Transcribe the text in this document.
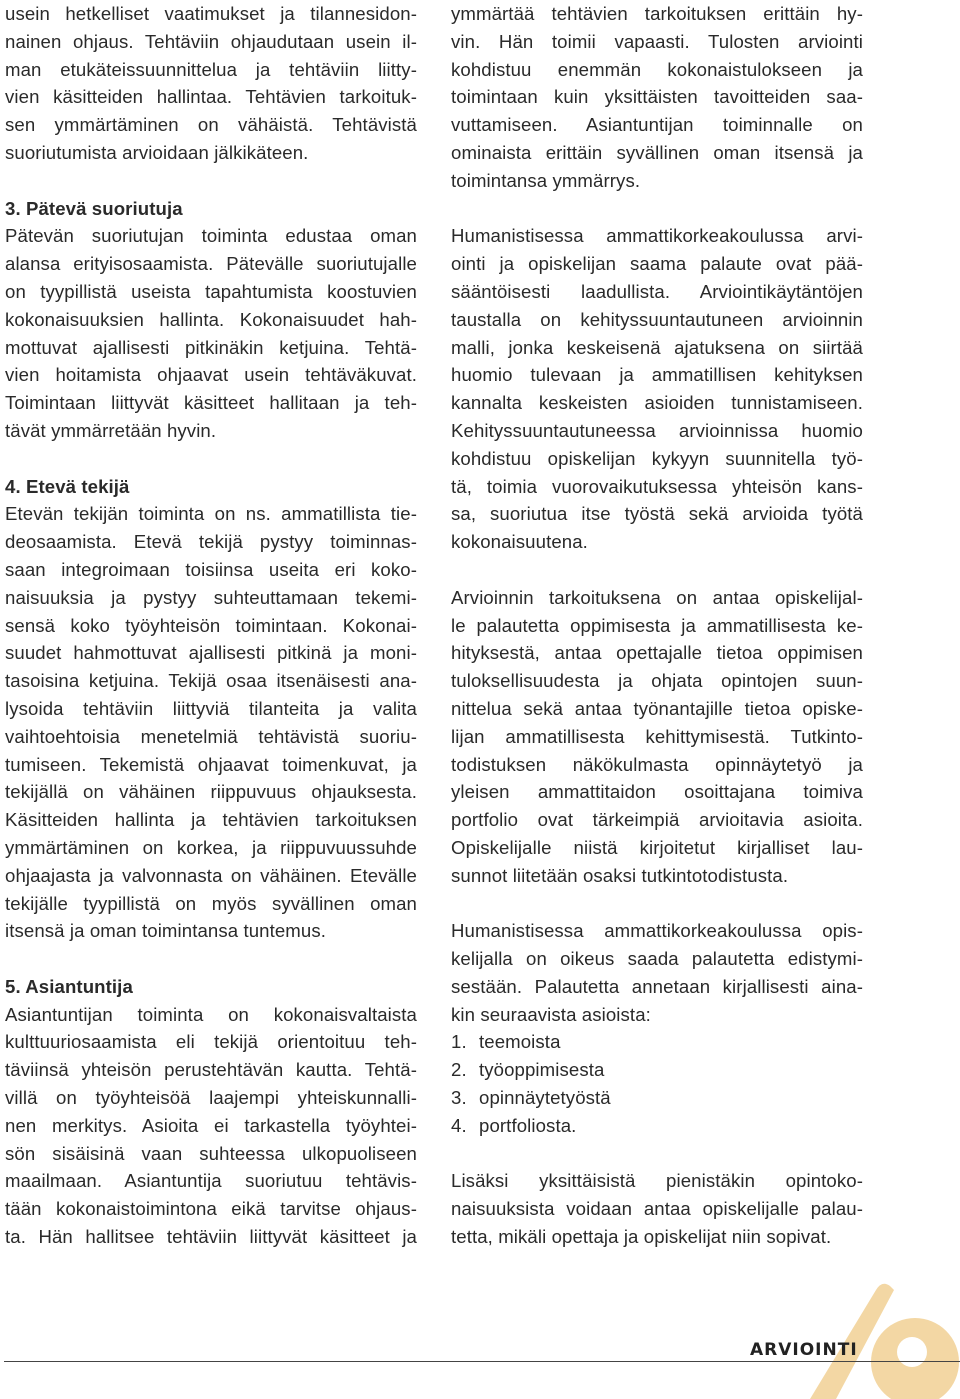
usein hetkelliset vaatimukset ja tilannesidon-
nainen ohjaus. Tehtäviin ohjaudutaan usein il-
man etukäteissuunnittelua ja tehtäviin liitty-
vien käsitteiden hallintaa. Tehtävien tarkoituk-
sen ymmärtäminen on vähäistä. Tehtävistä
suoriutumista arvioidaan jälkikäteen.
3. Pätevä suoriutuja
Pätevän suoriutujan toiminta edustaa oman
alansa erityisosaamista. Pätevälle suoriutujalle
on tyypillistä useista tapahtumista koostuvien
kokonaisuuksien hallinta. Kokonaisuudet hah-
mottuvat ajallisesti pitkinäkin ketjuina. Tehtä-
vien hoitamista ohjaavat usein tehtäväkuvat.
Toimintaan liittyvät käsitteet hallitaan ja teh-
tävät ymmärretään hyvin.
4. Etevä tekijä
Etevän tekijän toiminta on ns. ammatillista tie-
deosaamista. Etevä tekijä pystyy toiminnas-
saan integroimaan toisiinsa useita eri koko-
naisuuksia ja pystyy suhteuttamaan tekemi-
sensä koko työyhteisön toimintaan. Kokonai-
suudet hahmottuvat ajallisesti pitkinä ja moni-
tasoisina ketjuina. Tekijä osaa itsenäisesti ana-
lysoida tehtäviin liittyviä tilanteita ja valita
vaihtoehtoisia menetelmiä tehtävistä suoriu-
tumiseen. Tekemistä ohjaavat toimenkuvat, ja
tekijällä on vähäinen riippuvuus ohjauksesta.
Käsitteiden hallinta ja tehtävien tarkoituksen
ymmärtäminen on korkea, ja riippuvuussuhde
ohjaajasta ja valvonnasta on vähäinen. Etevälle
tekijälle tyypillistä on myös syvällinen oman
itsensä ja oman toimintansa tuntemus.
5. Asiantuntija
Asiantuntijan toiminta on kokonaisvaltaista
kulttuuriosaamista eli tekijä orientoituu teh-
täviinsä yhteisön perustehtävän kautta. Tehtä-
villä on työyhteisöä laajempi yhteiskunnalli-
nen merkitys. Asioita ei tarkastella työyhtei-
sön sisäisinä vaan suhteessa ulkopuoliseen
maailmaan. Asiantuntija suoriutuu tehtävis-
tään kokonaistoimintona eikä tarvitse ohjaus-
ta. Hän hallitsee tehtäviin liittyvät käsitteet ja
ymmärtää tehtävien tarkoituksen erittäin hy-
vin. Hän toimii vapaasti. Tulosten arviointi
kohdistuu enemmän kokonaistulokseen ja
toimintaan kuin yksittäisten tavoitteiden saa-
vuttamiseen. Asiantuntijan toiminnalle on
ominaista erittäin syvällinen oman itsensä ja
toimintansa ymmärrys.
Humanistisessa ammattikorkeakoulussa arvi-
ointi ja opiskelijan saama palaute ovat pää-
sääntöisesti laadullista. Arviointikäytäntöjen
taustalla on kehityssuuntautuneen arvioinnin
malli, jonka keskeisenä ajatuksena on siirtää
huomio tulevaan ja ammatillisen kehityksen
kannalta keskeisten asioiden tunnistamiseen.
Kehityssuuntautuneessa arvioinnissa huomio
kohdistuu opiskelijan kykyyn suunnitella työ-
tä, toimia vuorovaikutuksessa yhteisön kans-
sa, suoriutua itse työstä sekä arvioida työtä
kokonaisuutena.
Arvioinnin tarkoituksena on antaa opiskelijal-
le palautetta oppimisesta ja ammatillisesta ke-
hityksestä, antaa opettajalle tietoa oppimisen
tuloksellisuudesta ja ohjata opintojen suun-
nittelua sekä antaa työnantajille tietoa opiske-
lijan ammatillisesta kehittymisestä. Tutkinto-
todistuksen näkökulmasta opinnäytetyö ja
yleisen ammattitaidon osoittajana toimiva
portfolio ovat tärkeimpiä arvioitavia asioita.
Opiskelijalle niistä kirjoitetut kirjalliset lau-
sunnot liitetään osaksi tutkintotodistusta.
Humanistisessa ammattikorkeakoulussa opis-
kelijalla on oikeus saada palautetta edistymi-
sestään. Palautetta annetaan kirjallisesti aina-
kin seuraavista asioista:
1. teemoista
2. työoppimisesta
3. opinnäytetyöstä
4. portfoliosta.
Lisäksi yksittäisistä pienistäkin opintoko-
naisuuksista voidaan antaa opiskelijalle palau-
tetta, mikäli opettaja ja opiskelijat niin sopivat.
ARVIOINTI
